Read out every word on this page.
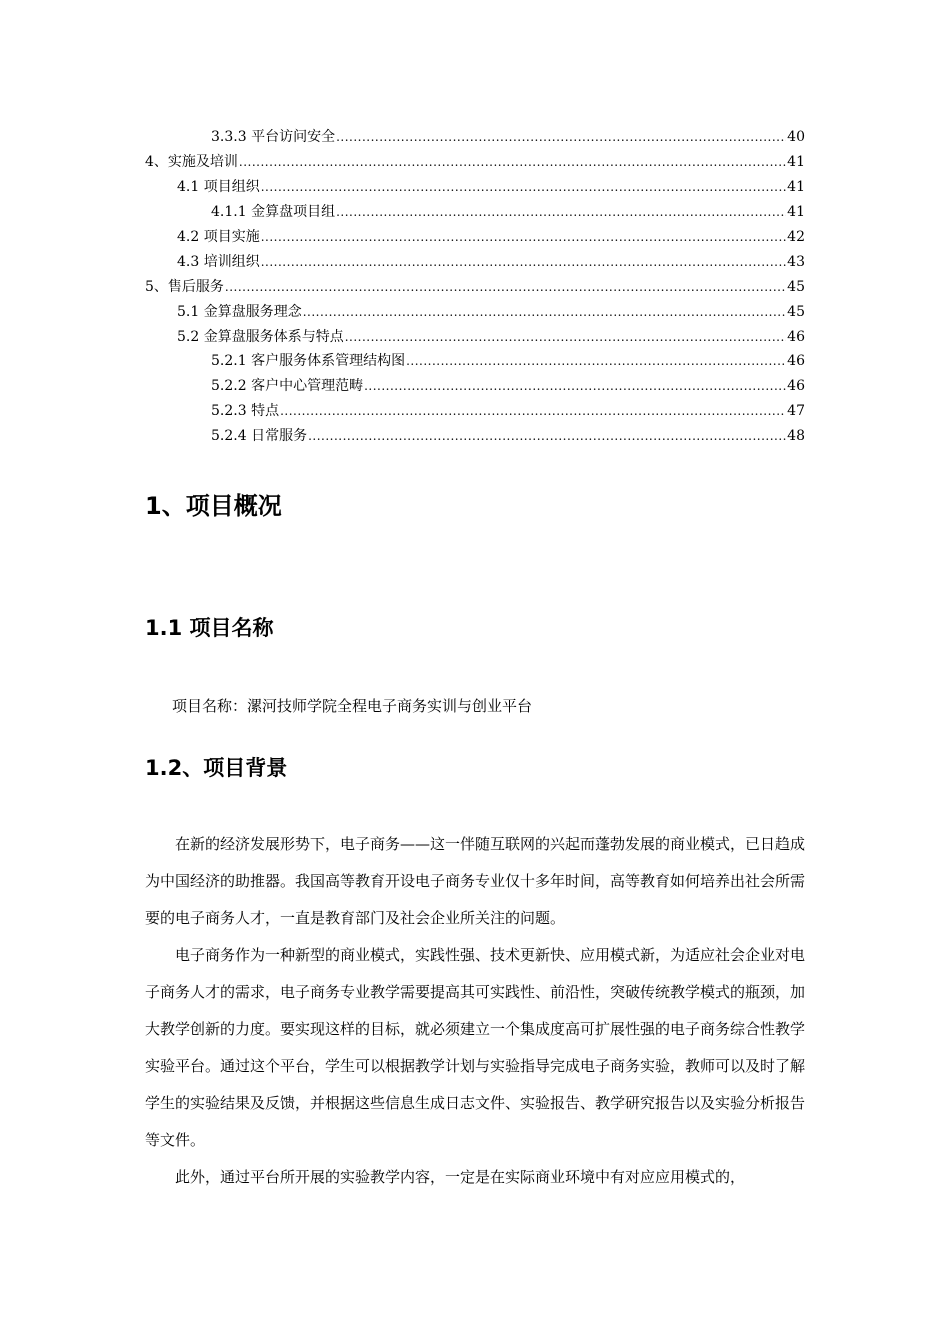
3.3.3 平台访问安全 .....	40
4、实施及培训 .....	41
4.1 项目组织 .....	41
4.1.1 金算盘项目组 .....	41
4.2 项目实施 .....	42
4.3 培训组织 .....	43
5、售后服务 .....	45
5.1 金算盘服务理念 .....	45
5.2 金算盘服务体系与特点 .....	46
5.2.1 客户服务体系管理结构图 .....	46
5.2.2 客户中心管理范畴 .....	46
5.2.3 特点 .....	47
5.2.4 日常服务 .....	48
1、项目概况
1.1 项目名称

项目名称：漯河技师学院全程电子商务实训与创业平台

1.2、项目背景

在新的经济发展形势下，电子商务——这一伴随互联网的兴起而蓬勃发展的商业模式，已日趋成为中国经济的助推器。我国高等教育开设电子商务专业仅十多年时间，高等教育如何培养出社会所需要的电子商务人才，一直是教育部门及社会企业所关注的问题。

电子商务作为一种新型的商业模式，实践性强、技术更新快、应用模式新，为适应社会企业对电子商务人才的需求，电子商务专业教学需要提高其可实践性、前沿性，突破传统教学模式的瓶颈，加大教学创新的力度。要实现这样的目标，就必须建立一个集成度高可扩展性强的电子商务综合性教学实验平台。通过这个平台，学生可以根据教学计划与实验指导完成电子商务实验，教师可以及时了解学生的实验结果及反馈，并根据这些信息生成日志文件、实验报告、教学研究报告以及实验分析报告等文件。

此外，通过平台所开展的实验教学内容，一定是在实际商业环境中有对应应用模式的，
